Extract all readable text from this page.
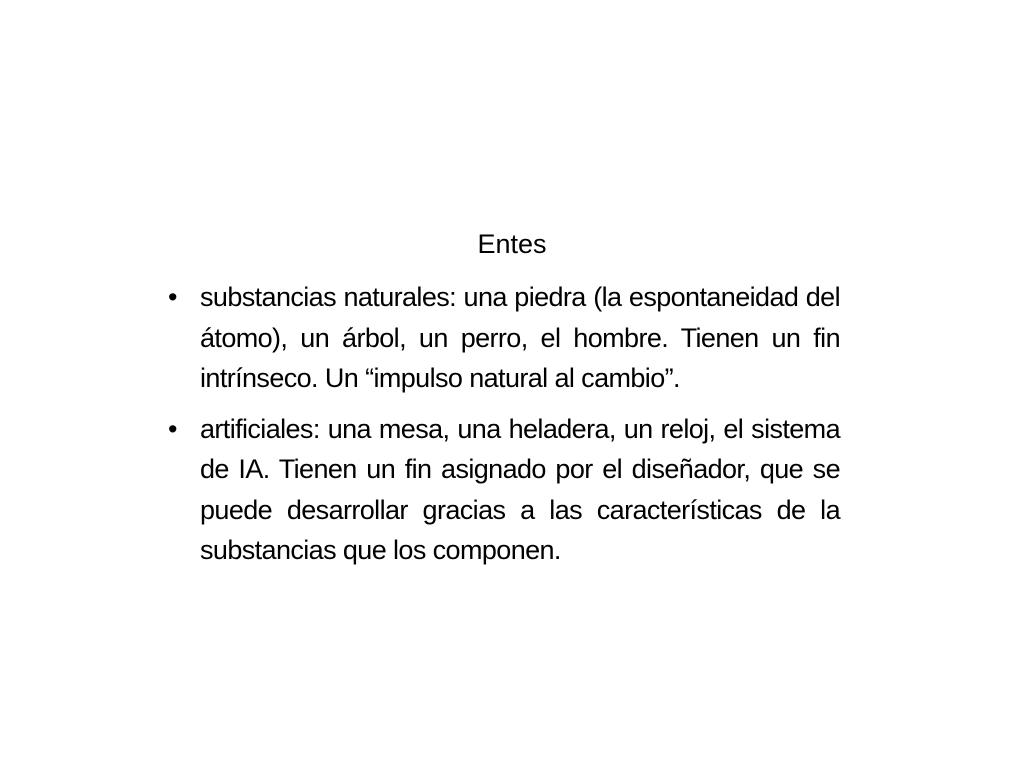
Entes
• substancias naturales: una piedra (la espontaneidad del átomo), un árbol, un perro, el hombre. Tienen un fin intrínseco. Un “impulso natural al cambio”.
• artificiales: una mesa, una heladera, un reloj, el sistema de IA. Tienen un fin asignado por el diseñador, que se puede desarrollar gracias a las características de la substancias que los componen.
